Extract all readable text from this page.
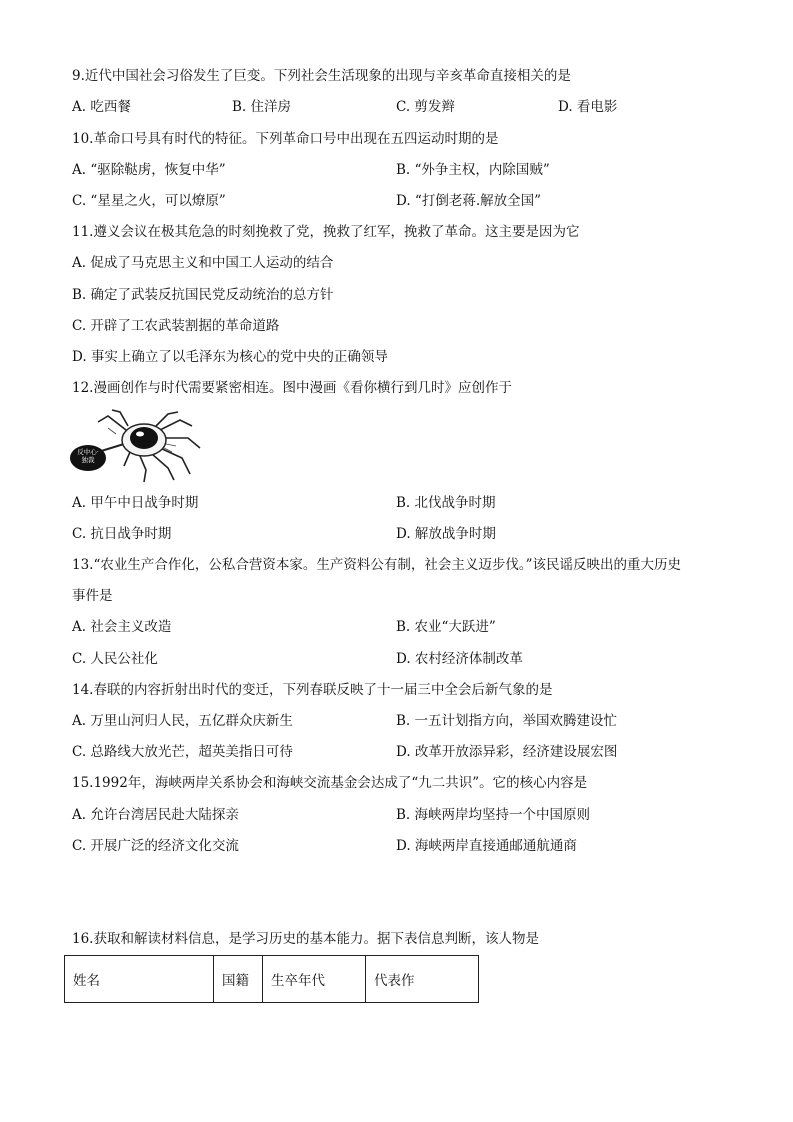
9.近代中国社会习俗发生了巨变。下列社会生活现象的出现与辛亥革命直接相关的是
A. 吃西餐	B. 住洋房	C. 剪发辫	D. 看电影
10.革命口号具有时代的特征。下列革命口号中出现在五四运动时期的是
A. “驱除鞑虏，恢复中华”	B. “外争主权，内除国贼”
C. “星星之火，可以燎原”	D. “打倒老蒋.解放全国”
11.遵义会议在极其危急的时刻挽救了党，挽救了红军，挽救了革命。这主要是因为它
A. 促成了马克思主义和中国工人运动的结合
B. 确定了武装反抗国民党反动统治的总方针
C. 开辟了工农武装割据的革命道路
D. 事实上确立了以毛泽东为核心的党中央的正确领导
12.漫画创作与时代需要紧密相连。图中漫画《看你横行到几时》应创作于
反中心·独裁
A. 甲午中日战争时期	B. 北伐战争时期
C. 抗日战争时期	D. 解放战争时期
13.“农业生产合作化，公私合营资本家。生产资料公有制，社会主义迈步伐。”该民谣反映出的重大历史
事件是
A. 社会主义改造	B. 农业“大跃进”
C. 人民公社化	D. 农村经济体制改革
14.春联的内容折射出时代的变迁，下列春联反映了十一届三中全会后新气象的是
A. 万里山河归人民，五亿群众庆新生	B. 一五计划指方向，举国欢腾建设忙
C. 总路线大放光芒，超英美指日可待	D. 改革开放添异彩，经济建设展宏图
15.1992年，海峡两岸关系协会和海峡交流基金会达成了“九二共识”。它的核心内容是
A. 允许台湾居民赴大陆探亲	B. 海峡两岸均坚持一个中国原则
C. 开展广泛的经济文化交流	D. 海峡两岸直接通邮通航通商
16.获取和解读材料信息，是学习历史的基本能力。据下表信息判断，该人物是
姓名	国籍	生卒年代	代表作
